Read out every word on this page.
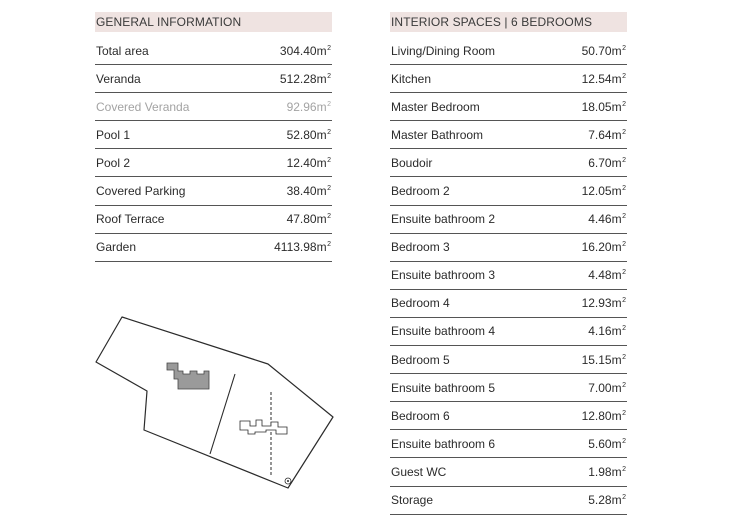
GENERAL INFORMATION
Total area	$304.40m^2$
Veranda	$512.28m^2$
Covered Veranda	$92.96m^2$
Pool 1	$52.80m^2$
Pool 2	$12.40m^2$
Covered Parking	$38.40m^2$
Roof Terrace	$47.80m^2$
Garden	$4113.98m^2$
INTERIOR SPACES | 6 BEDROOMS
Living/Dining Room	$50.70m^2$
Kitchen	$12.54m^2$
Master Bedroom	$18.05m^2$
Master Bathroom	$7.64m^2$
Boudoir	$6.70m^2$
Bedroom 2	$12.05m^2$
Ensuite bathroom 2	$4.46m^2$
Bedroom 3	$16.20m^2$
Ensuite bathroom 3	$4.48m^2$
Bedroom 4	$12.93m^2$
Ensuite bathroom 4	$4.16m^2$
Bedroom 5	$15.15m^2$
Ensuite bathroom 5	$7.00m^2$
Bedroom 6	$12.80m^2$
Ensuite bathroom 6	$5.60m^2$
Guest WC	$1.98m^2$
Storage	$5.28m^2$
